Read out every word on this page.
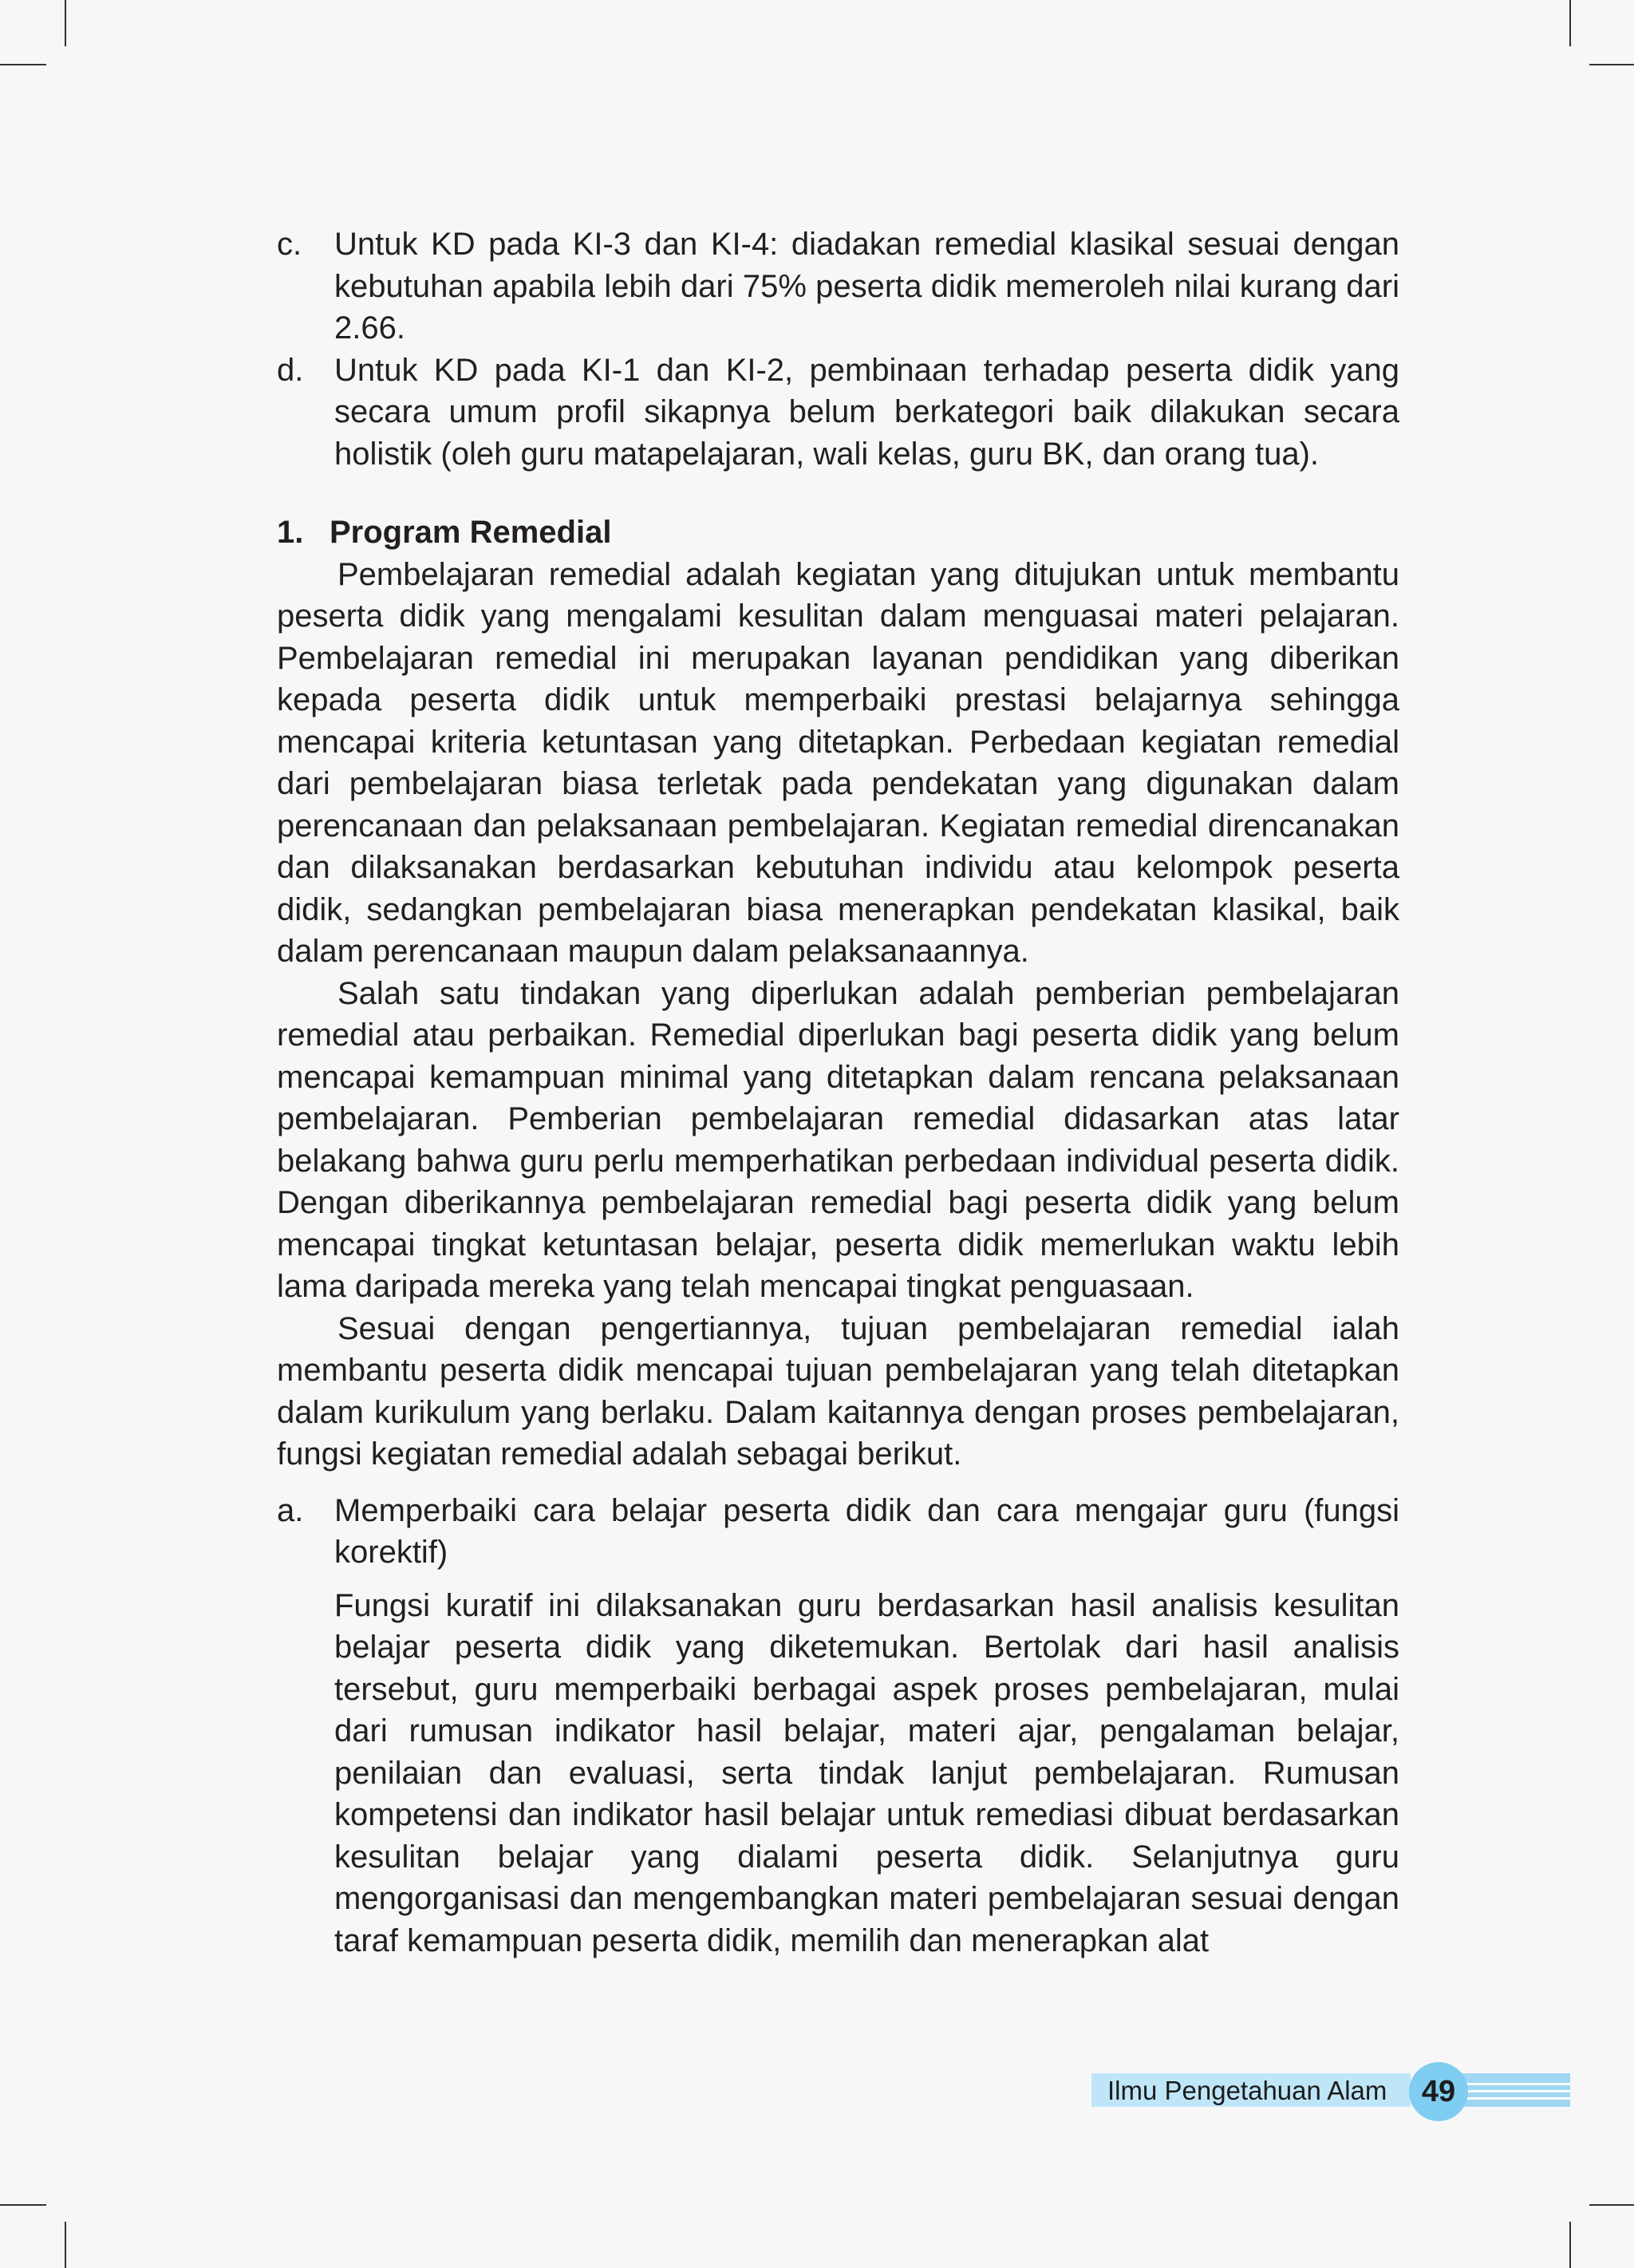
c.	Untuk KD pada KI-3 dan KI-4: diadakan remedial klasikal sesuai dengan kebutuhan apabila lebih dari 75% peserta didik memeroleh nilai kurang dari 2.66.
d. Untuk KD pada KI-1 dan KI-2, pembinaan terhadap peserta didik yang secara umum profil sikapnya belum berkategori baik dilakukan secara holistik (oleh guru matapelajaran, wali kelas, guru BK, dan orang tua).
1. Program Remedial
Pembelajaran remedial adalah kegiatan yang ditujukan untuk membantu peserta didik yang mengalami kesulitan dalam menguasai materi pelajaran. Pembelajaran remedial ini merupakan layanan pendidikan yang diberikan kepada peserta didik untuk memperbaiki prestasi belajarnya sehingga mencapai kriteria ketuntasan yang ditetapkan. Perbedaan kegiatan remedial dari pembelajaran biasa terletak pada pendekatan yang digunakan dalam perencanaan dan pelaksanaan pembelajaran. Kegiatan remedial direncanakan dan dilaksanakan berdasarkan kebutuhan individu atau kelompok peserta didik, sedangkan pembelajaran biasa menerapkan pendekatan klasikal, baik dalam perencanaan maupun dalam pelaksanaannya.
Salah satu tindakan yang diperlukan adalah pemberian pembelajaran remedial atau perbaikan. Remedial diperlukan bagi peserta didik yang belum mencapai kemampuan minimal yang ditetapkan dalam rencana pelaksanaan pembelajaran. Pemberian pembelajaran remedial didasarkan atas latar belakang bahwa guru perlu memperhatikan perbedaan individual peserta didik. Dengan diberikannya pembelajaran remedial bagi peserta didik yang belum mencapai tingkat ketuntasan belajar, peserta didik memerlukan waktu lebih lama daripada mereka yang telah mencapai tingkat penguasaan.
Sesuai dengan pengertiannya, tujuan pembelajaran remedial ialah membantu peserta didik mencapai tujuan pembelajaran yang telah ditetapkan dalam kurikulum yang berlaku. Dalam kaitannya dengan proses pembelajaran, fungsi kegiatan remedial adalah sebagai berikut.
a. Memperbaiki cara belajar peserta didik dan cara mengajar guru (fungsi korektif)
Fungsi kuratif ini dilaksanakan guru berdasarkan hasil analisis kesulitan belajar peserta didik yang diketemukan. Bertolak dari hasil analisis tersebut, guru memperbaiki berbagai aspek proses pembelajaran, mulai dari rumusan indikator hasil belajar, materi ajar, pengalaman belajar, penilaian dan evaluasi, serta tindak lanjut pembelajaran. Rumusan kompetensi dan indikator hasil belajar untuk remediasi dibuat berdasarkan kesulitan belajar yang dialami peserta didik. Selanjutnya guru mengorganisasi dan mengembangkan materi pembelajaran sesuai dengan taraf kemampuan peserta didik, memilih dan menerapkan alat
Ilmu Pengetahuan Alam	49
